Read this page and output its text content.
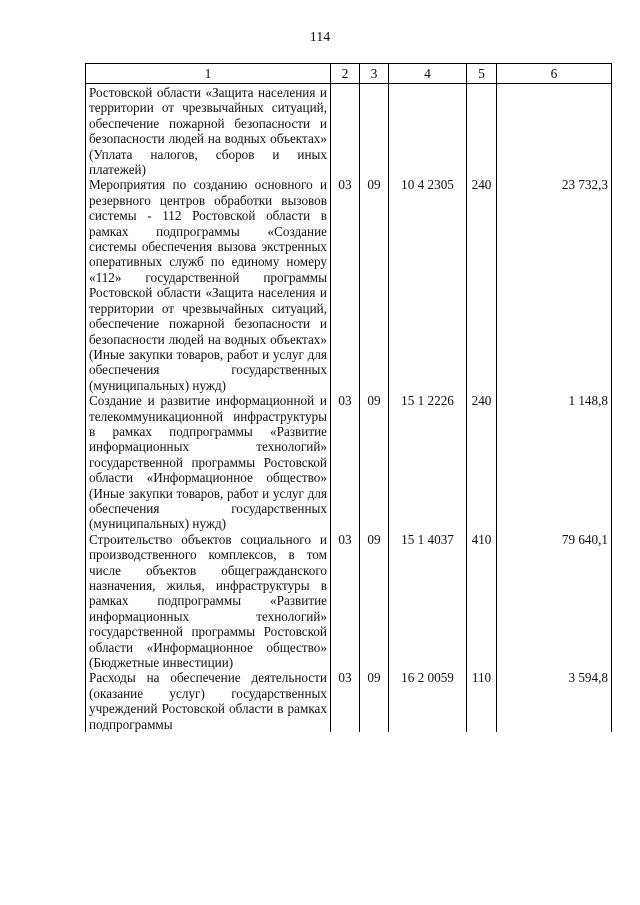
114
1	2	3	4	5	6
Ростовской области «Защита населения и территории от чрезвычайных ситуаций, обеспечение пожарной безопасности и безопасности людей на водных объектах» (Уплата налогов, сборов и иных платежей)					
Мероприятия по созданию основного и резервного центров обработки вызовов системы - 112 Ростовской области в рамках подпрограммы «Создание системы обеспечения вызова экстренных оперативных служб по единому номеру «112» государственной программы Ростовской области «Защита населения и территории от чрезвычайных ситуаций, обеспечение пожарной безопасности и безопасности людей на водных объектах» (Иные закупки товаров, работ и услуг для обеспечения государственных (муниципальных) нужд)	03	09	10 4 2305	240	23 732,3
Создание и развитие информационной и телекоммуникационной инфраструктуры в рамках подпрограммы «Развитие информационных технологий» государственной программы Ростовской области «Информационное общество» (Иные закупки товаров, работ и услуг для обеспечения государственных (муниципальных) нужд)	03	09	15 1 2226	240	1 148,8
Строительство объектов социального и производственного комплексов, в том числе объектов общегражданского назначения, жилья, инфраструктуры в рамках подпрограммы «Развитие информационных технологий» государственной программы Ростовской области «Информационное общество» (Бюджетные инвестиции)	03	09	15 1 4037	410	79 640,1
Расходы на обеспечение деятельности (оказание услуг) государственных учреждений Ростовской области в рамках подпрограммы	03	09	16 2 0059	110	3 594,8
